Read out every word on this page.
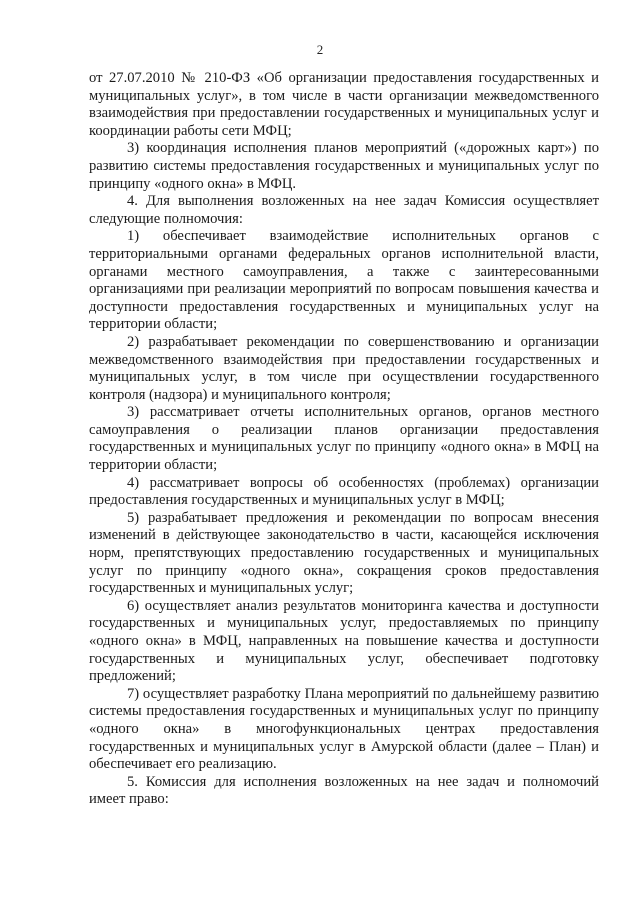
2

от 27.07.2010 № 210-ФЗ «Об организации предоставления государственных и муниципальных услуг», в том числе в части организации межведомственного взаимодействия при предоставлении государственных и муниципальных услуг и координации работы сети МФЦ;

3) координация исполнения планов мероприятий («дорожных карт») по развитию системы предоставления государственных и муниципальных услуг по принципу «одного окна» в МФЦ.

4. Для выполнения возложенных на нее задач Комиссия осуществляет следующие полномочия:

1) обеспечивает взаимодействие исполнительных органов с территориальными органами федеральных органов исполнительной власти, органами местного самоуправления, а также с заинтересованными организациями при реализации мероприятий по вопросам повышения качества и доступности предоставления государственных и муниципальных услуг на территории области;

2) разрабатывает рекомендации по совершенствованию и организации межведомственного взаимодействия при предоставлении государственных и муниципальных услуг, в том числе при осуществлении государственного контроля (надзора) и муниципального контроля;

3) рассматривает отчеты исполнительных органов, органов местного самоуправления о реализации планов организации предоставления государственных и муниципальных услуг по принципу «одного окна» в МФЦ на территории области;

4) рассматривает вопросы об особенностях (проблемах) организации предоставления государственных и муниципальных услуг в МФЦ;

5) разрабатывает предложения и рекомендации по вопросам внесения изменений в действующее законодательство в части, касающейся исключения норм, препятствующих предоставлению государственных и муниципальных услуг по принципу «одного окна», сокращения сроков предоставления государственных и муниципальных услуг;

6) осуществляет анализ результатов мониторинга качества и доступности государственных и муниципальных услуг, предоставляемых по принципу «одного окна» в МФЦ, направленных на повышение качества и доступности государственных и муниципальных услуг, обеспечивает подготовку предложений;

7) осуществляет разработку Плана мероприятий по дальнейшему развитию системы предоставления государственных и муниципальных услуг по принципу «одного окна» в многофункциональных центрах предоставления государственных и муниципальных услуг в Амурской области (далее – План) и обеспечивает его реализацию.

5. Комиссия для исполнения возложенных на нее задач и полномочий имеет право:
